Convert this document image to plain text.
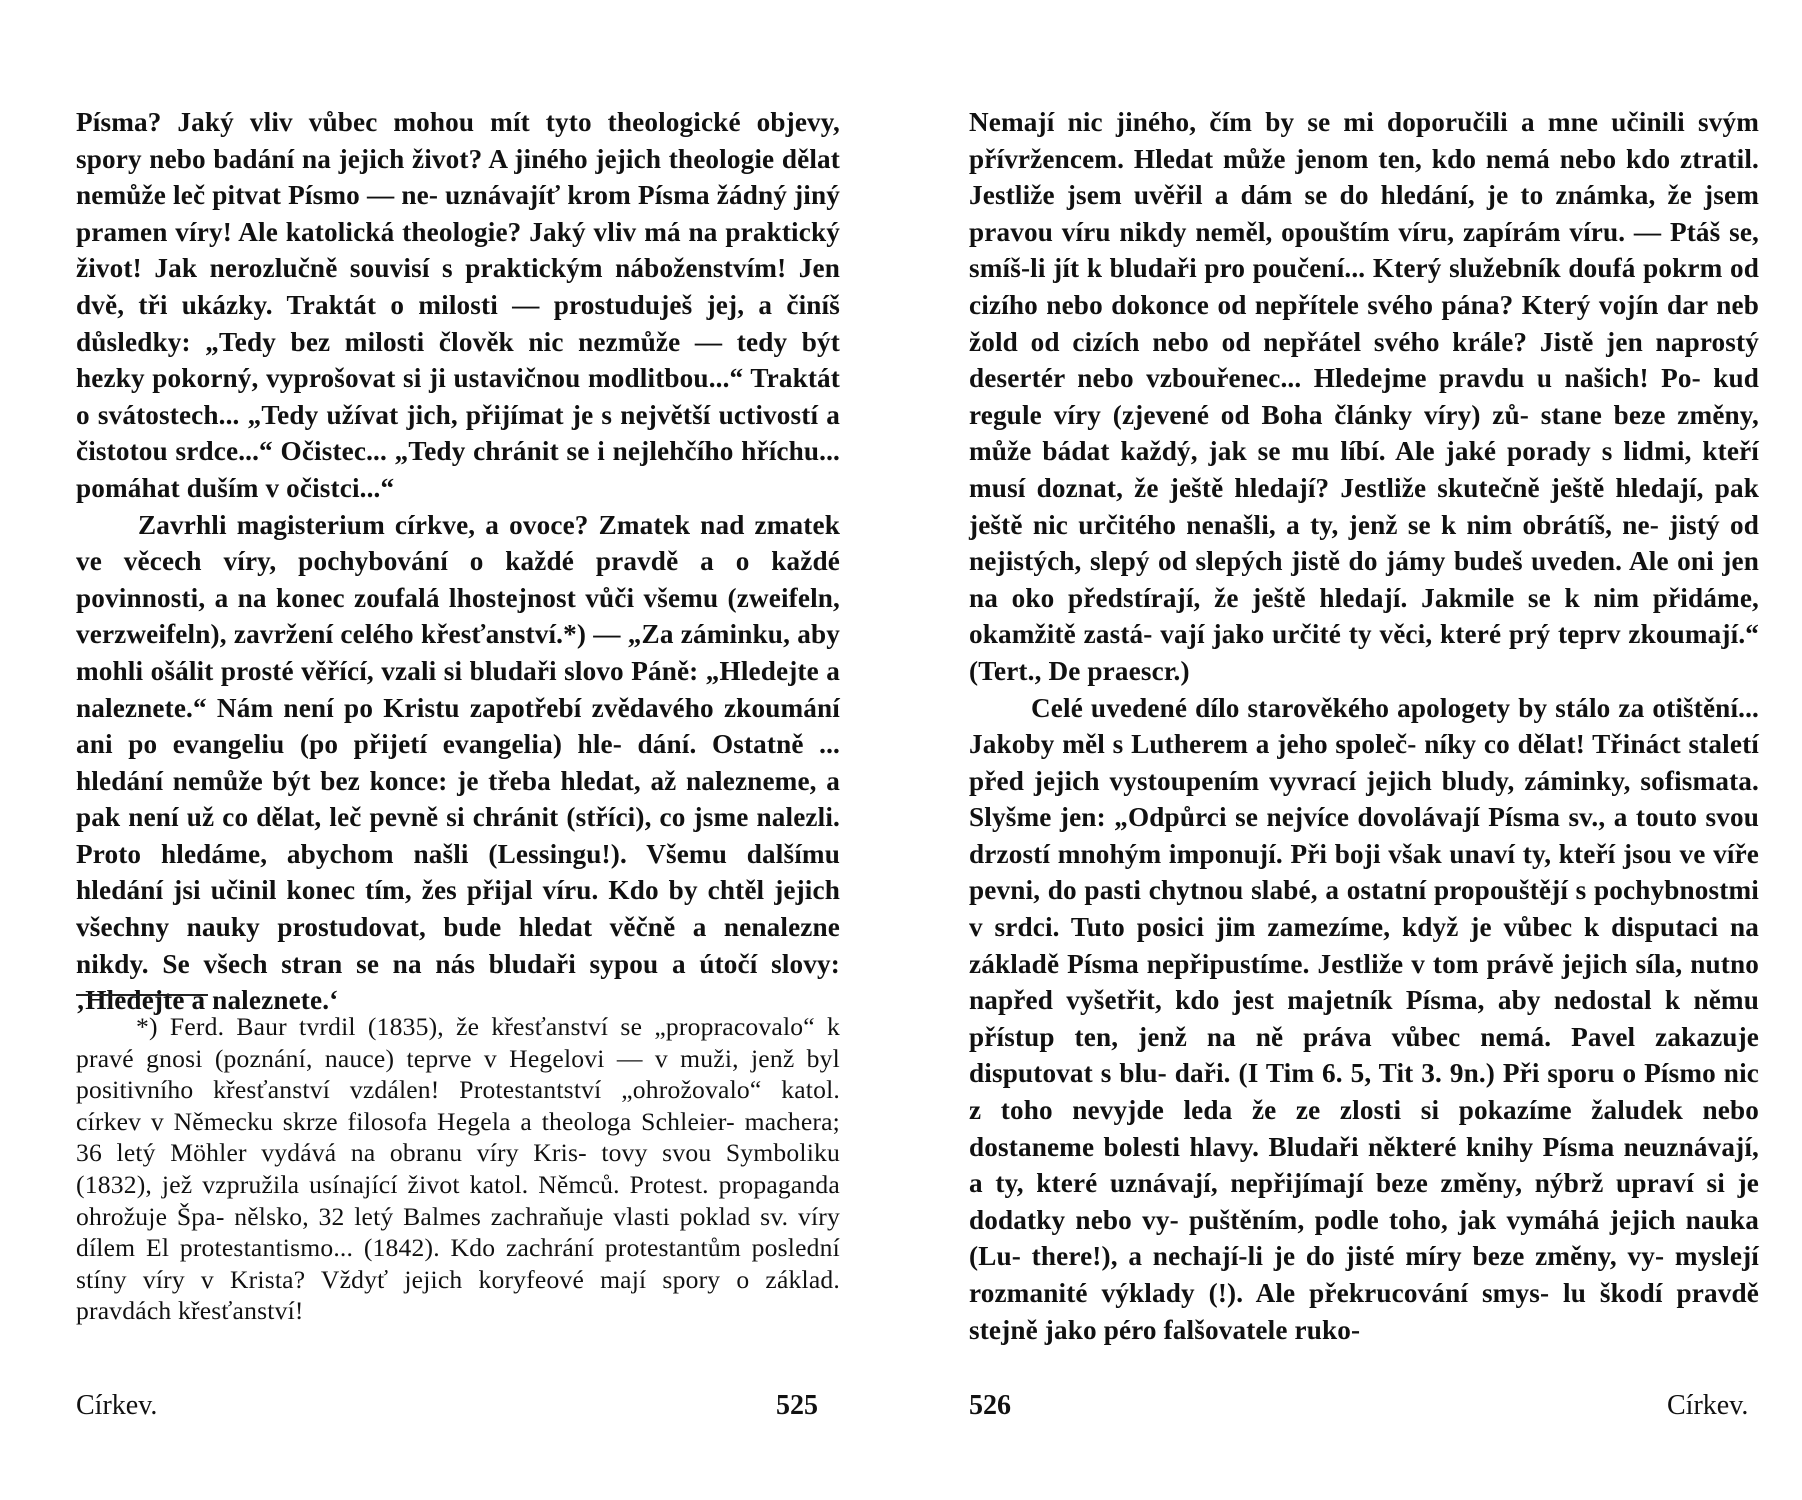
Písma? Jaký vliv vůbec mohou mít tyto theologické objevy, spory nebo badání na jejich život? A jiného jejich theologie dělat nemůže leč pitvat Písmo — ne- uznávajíť krom Písma žádný jiný pramen víry! Ale katolická theologie? Jaký vliv má na praktický život! Jak nerozlučně souvisí s praktickým náboženstvím! Jen dvě, tři ukázky. Traktát o milosti — prostuduješ jej, a činíš důsledky: „Tedy bez milosti člověk nic nezmůže — tedy být hezky pokorný, vyprošovat si ji ustavičnou modlitbou...“ Traktát o svátostech... „Tedy užívat jich, přijímat je s největší uctivostí a čistotou srdce...“ Očistec... „Tedy chránit se i nejlehčího hříchu... pomáhat duším v očistci...“

Zavrhli magisterium církve, a ovoce? Zmatek nad zmatek ve věcech víry, pochybování o každé pravdě a o každé povinnosti, a na konec zoufalá lhostejnost vůči všemu (zweifeln, verzweifeln), zavržení celého křesťanství.*) — „Za záminku, aby mohli ošálit prosté věřící, vzali si bludaři slovo Páně: „Hledejte a naleznete.“ Nám není po Kristu zapotřebí zvědavého zkoumání ani po evangeliu (po přijetí evangelia) hle- dání. Ostatně ... hledání nemůže být bez konce: je třeba hledat, až nalezneme, a pak není už co dělat, leč pevně si chránit (stříci), co jsme nalezli. Proto hledáme, abychom našli (Lessingu!). Všemu dalšímu hledání jsi učinil konec tím, žes přijal víru. Kdo by chtěl jejich všechny nauky prostudovat, bude hledat věčně a nenalezne nikdy. Se všech stran se na nás bludaři sypou a útočí slovy: ‚Hledejte a naleznete.‘

*) Ferd. Baur tvrdil (1835), že křesťanství se „propracovalo“ k pravé gnosi (poznání, nauce) teprve v Hegelovi — v muži, jenž byl positivního křesťanství vzdálen! Protestantství „ohrožovalo“ katol. církev v Německu skrze filosofa Hegela a theologa Schleier- machera; 36 letý Möhler vydává na obranu víry Kris- tovy svou Symboliku (1832), jež vzpružila usínající život katol. Němců. Protest. propaganda ohrožuje Špa- nělsko, 32 letý Balmes zachraňuje vlasti poklad sv. víry dílem El protestantismo... (1842). Kdo zachrání protestantům poslední stíny víry v Krista? Vždyť jejich koryfeové mají spory o základ. pravdách křesťanství!

Církev.	525

Nemají nic jiného, čím by se mi doporučili a mne učinili svým přívržencem. Hledat může jenom ten, kdo nemá nebo kdo ztratil. Jestliže jsem uvěřil a dám se do hledání, je to známka, že jsem pravou víru nikdy neměl, opouštím víru, zapírám víru. — Ptáš se, smíš-li jít k bludaři pro poučení... Který služebník doufá pokrm od cizího nebo dokonce od nepřítele svého pána? Který vojín dar neb žold od cizích nebo od nepřátel svého krále? Jistě jen naprostý desertér nebo vzbouřenec... Hledejme pravdu u našich! Po- kud regule víry (zjevené od Boha články víry) zů- stane beze změny, může bádat každý, jak se mu líbí. Ale jaké porady s lidmi, kteří musí doznat, že ještě hledají? Jestliže skutečně ještě hledají, pak ještě nic určitého nenašli, a ty, jenž se k nim obrátíš, ne- jistý od nejistých, slepý od slepých jistě do jámy budeš uveden. Ale oni jen na oko předstírají, že ještě hledají. Jakmile se k nim přidáme, okamžitě zastá- vají jako určité ty věci, které prý teprv zkoumají.“ (Tert., De praescr.)

Celé uvedené dílo starověkého apologety by stálo za otištění... Jakoby měl s Lutherem a jeho společ- níky co dělat! Třináct staletí před jejich vystoupením vyvrací jejich bludy, záminky, sofismata. Slyšme jen: „Odpůrci se nejvíce dovolávají Písma sv., a touto svou drzostí mnohým imponují. Při boji však unaví ty, kteří jsou ve víře pevni, do pasti chytnou slabé, a ostatní propouštějí s pochybnostmi v srdci. Tuto posici jim zamezíme, když je vůbec k disputaci na základě Písma nepřipustíme. Jestliže v tom právě jejich síla, nutno napřed vyšetřit, kdo jest majetník Písma, aby nedostal k němu přístup ten, jenž na ně práva vůbec nemá. Pavel zakazuje disputovat s blu- daři. (I Tim 6. 5, Tit 3. 9n.) Při sporu o Písmo nic z toho nevyjde leda že ze zlosti si pokazíme žaludek nebo dostaneme bolesti hlavy. Bludaři některé knihy Písma neuznávají, a ty, které uznávají, nepřijímají beze změny, nýbrž upraví si je dodatky nebo vy- puštěním, podle toho, jak vymáhá jejich nauka (Lu- there!), a nechají-li je do jisté míry beze změny, vy- myslejí rozmanité výklady (!). Ale překrucování smys- lu škodí pravdě stejně jako péro falšovatele ruko-

526	Církev.
